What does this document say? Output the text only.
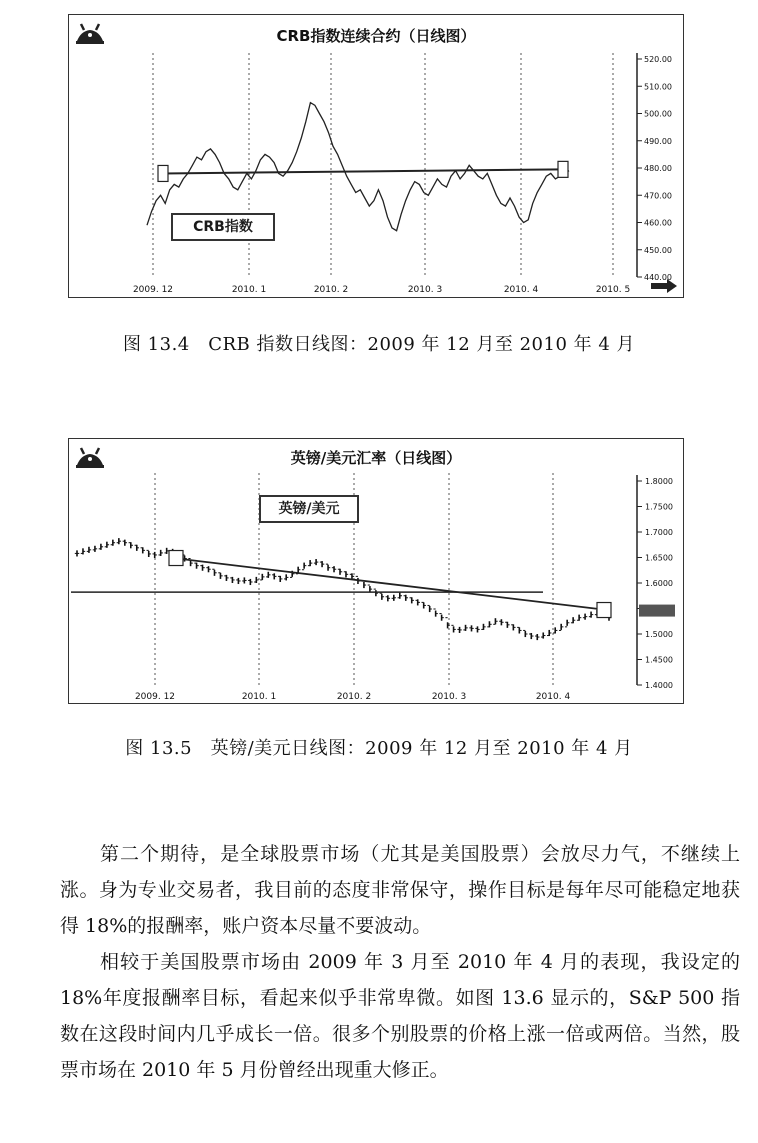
CRB指数连续合约（日线图）
520.00
510.00
500.00
490.00
480.00
470.00
460.00
450.00
440.00
2009. 12	2010. 1	2010. 2	2010. 3	2010. 4	2010. 5
CRB指数
图 13.4　CRB 指数日线图：2009 年 12 月至 2010 年 4 月
英镑/美元汇率（日线图）
1.8000
1.7500
1.7000
1.6500
1.6000
1.5000
1.4500
1.4000
2009. 12	2010. 1	2010. 2	2010. 3	2010. 4
英镑/美元
图 13.5　英镑/美元日线图：2009 年 12 月至 2010 年 4 月

第二个期待，是全球股票市场（尤其是美国股票）会放尽力气，不继续上涨。身为专业交易者，我目前的态度非常保守，操作目标是每年尽可能稳定地获得 18%的报酬率，账户资本尽量不要波动。

相较于美国股票市场由 2009 年 3 月至 2010 年 4 月的表现，我设定的 18%年度报酬率目标，看起来似乎非常卑微。如图 13.6 显示的，S&P 500 指数在这段时间内几乎成长一倍。很多个别股票的价格上涨一倍或两倍。当然，股票市场在 2010 年 5 月份曾经出现重大修正。
